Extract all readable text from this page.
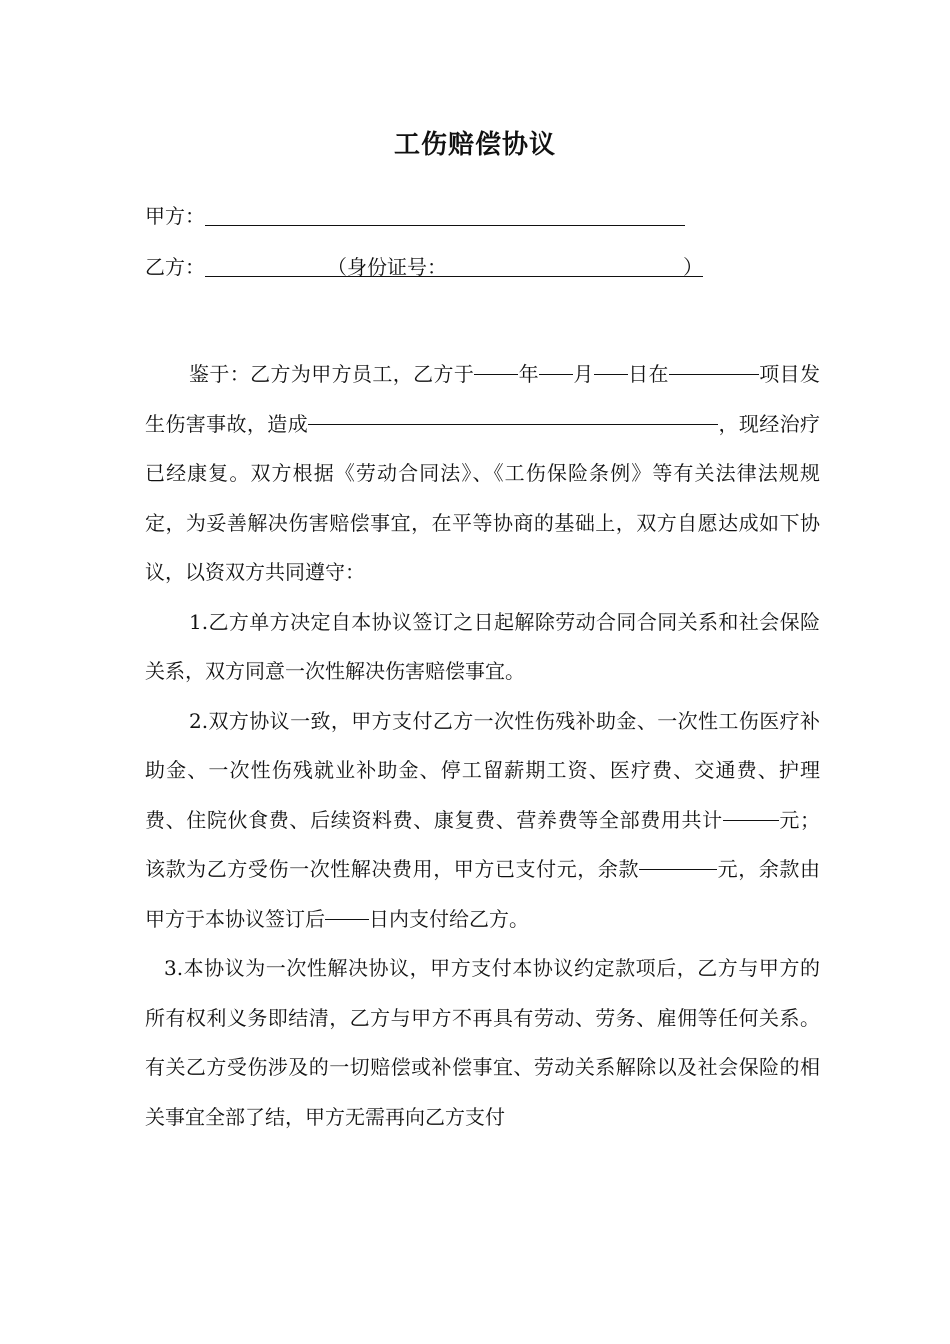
工伤赔偿协议
甲方：
乙方：	（身份证号：	）

鉴于：乙方为甲方员工，乙方于 年 月 日在	项目发生伤害事故，造成	，现经治疗已经康复。双方根据《劳动合同法》、《工伤保险条例》等有关法律法规规定，为妥善解决伤害赔偿事宜，在平等协商的基础上，双方自愿达成如下协议，以资双方共同遵守：

1.乙方单方决定自本协议签订之日起解除劳动合同合同关系和社会保险关系，双方同意一次性解决伤害赔偿事宜。

2.双方协议一致，甲方支付乙方一次性伤残补助金、一次性工伤医疗补助金、一次性伤残就业补助金、停工留薪期工资、医疗费、交通费、护理费、住院伙食费、后续资料费、康复费、营养费等全部费用共计	元；该款为乙方受伤一次性解决费用，甲方已支付元，余款	元，余款由甲方于本协议签订后 日内支付给乙方。

3.本协议为一次性解决协议，甲方支付本协议约定款项后，乙方与甲方的所有权利义务即结清，乙方与甲方不再具有劳动、劳务、雇佣等任何关系。有关乙方受伤涉及的一切赔偿或补偿事宜、劳动关系解除以及社会保险的相关事宜全部了结，甲方无需再向乙方支付
